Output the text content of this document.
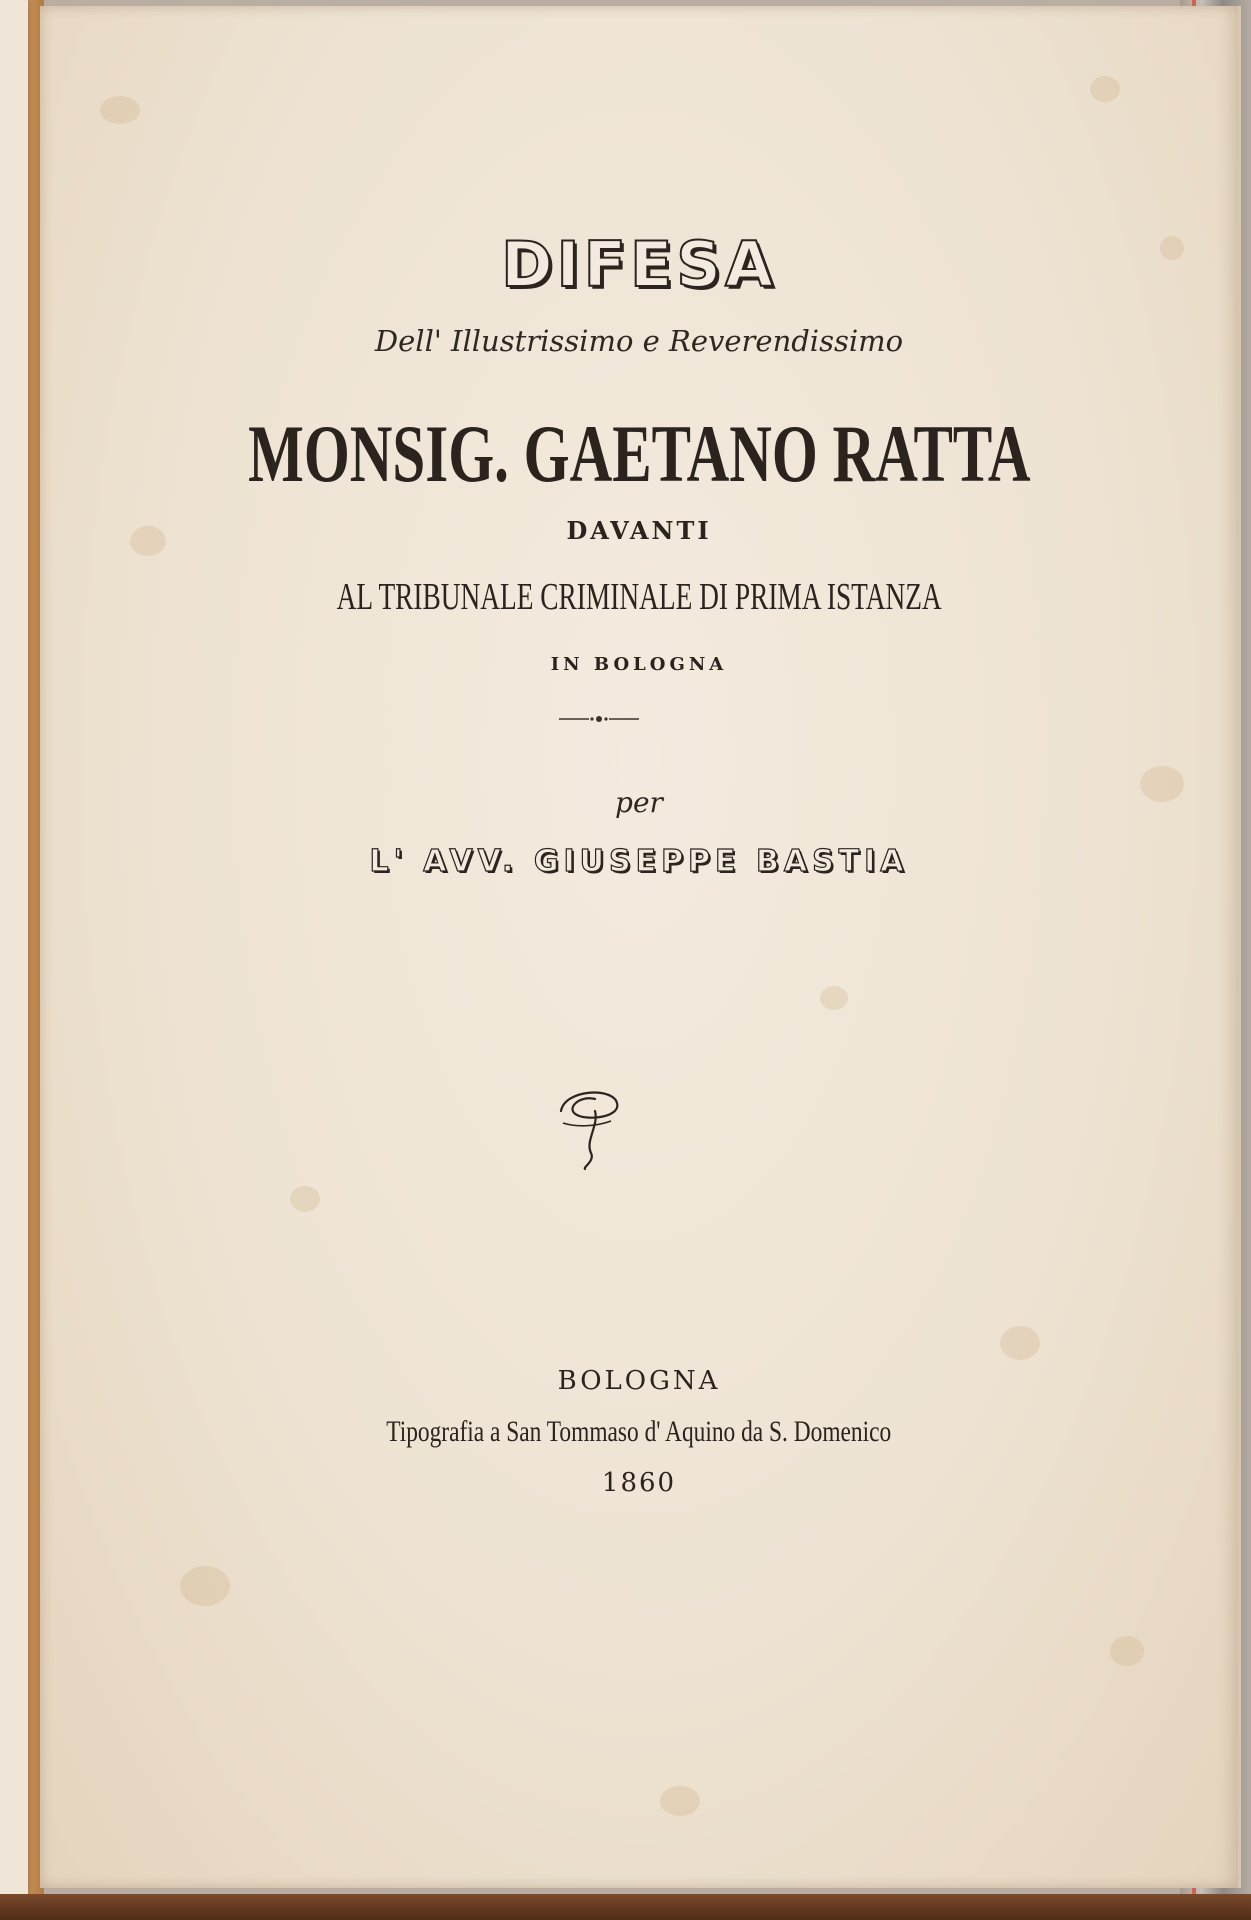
DIFESA
Dell' Illustrissimo e Reverendissimo
MONSIG. GAETANO RATTA
DAVANTI
AL TRIBUNALE CRIMINALE DI PRIMA ISTANZA
IN BOLOGNA
per
L' AVV. GIUSEPPE BASTIA
BOLOGNA
Tipografia a San Tommaso d' Aquino da S. Domenico
1860
